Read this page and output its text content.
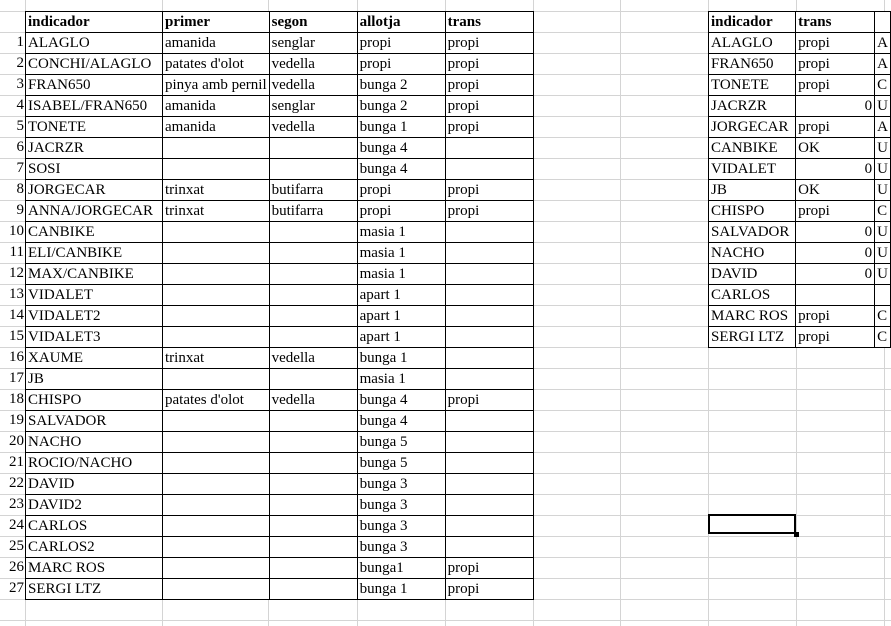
1
2
3
4
5
6
7
8
9
10
11
12
13
14
15
16
17
18
19
20
21
22
23
24
25
26
27
indicador	primer	segon	allotja	trans
ALAGLO	amanida	senglar	propi	propi
CONCHI/ALAGLO	patates d'olot	vedella	propi	propi
FRAN650	pinya amb pernil	vedella	bunga 2	propi
ISABEL/FRAN650	amanida	senglar	bunga 2	propi
TONETE	amanida	vedella	bunga 1	propi
JACRZR			bunga 4	
SOSI			bunga 4	
JORGECAR	trinxat	butifarra	propi	propi
ANNA/JORGECAR	trinxat	butifarra	propi	propi
CANBIKE			masia 1	
ELI/CANBIKE			masia 1	
MAX/CANBIKE			masia 1	
VIDALET			apart 1	
VIDALET2			apart 1	
VIDALET3			apart 1	
XAUME	trinxat	vedella	bunga 1	
JB			masia 1	
CHISPO	patates d'olot	vedella	bunga 4	propi
SALVADOR			bunga 4	
NACHO			bunga 5	
ROCIO/NACHO			bunga 5	
DAVID			bunga 3	
DAVID2			bunga 3	
CARLOS			bunga 3	
CARLOS2			bunga 3	
MARC ROS			bunga1	propi
SERGI LTZ			bunga 1	propi
indicador	trans	
ALAGLO	propi	A
FRAN650	propi	A
TONETE	propi	C
JACRZR	0	U
JORGECAR	propi	A
CANBIKE	OK	U
VIDALET	0	U
JB	OK	U
CHISPO	propi	C
SALVADOR	0	U
NACHO	0	U
DAVID	0	U
CARLOS		
MARC ROS	propi	C
SERGI LTZ	propi	C
